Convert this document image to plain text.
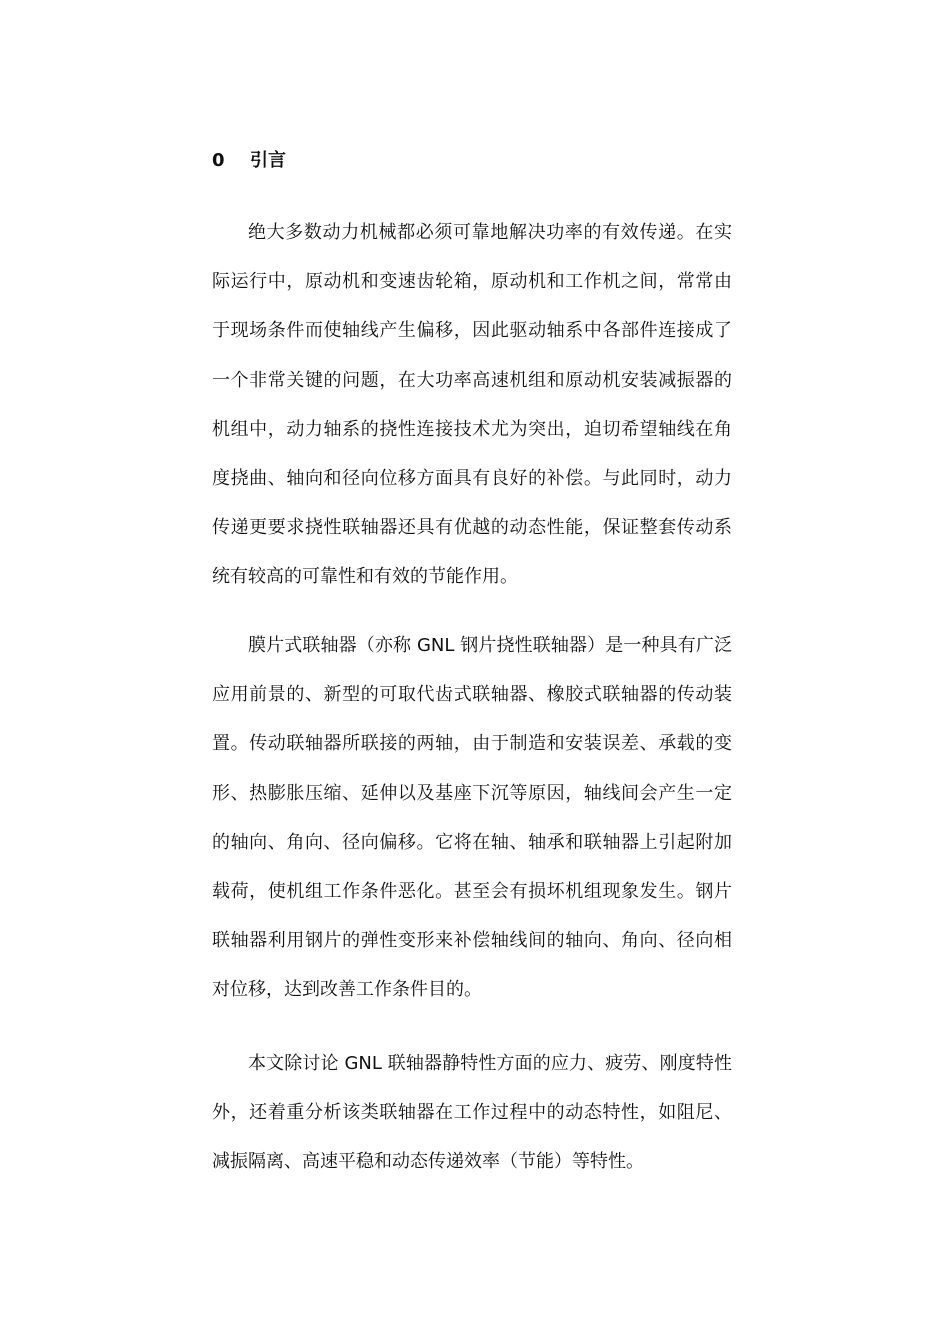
0 引言

绝大多数动力机械都必须可靠地解决功率的有效传递。在实际运行中，原动机和变速齿轮箱，原动机和工作机之间，常常由于现场条件而使轴线产生偏移，因此驱动轴系中各部件连接成了一个非常关键的问题，在大功率高速机组和原动机安装减振器的机组中，动力轴系的挠性连接技术尤为突出，迫切希望轴线在角度挠曲、轴向和径向位移方面具有良好的补偿。与此同时，动力传递更要求挠性联轴器还具有优越的动态性能，保证整套传动系统有较高的可靠性和有效的节能作用。

膜片式联轴器（亦称 GNL 钢片挠性联轴器）是一种具有广泛应用前景的、新型的可取代齿式联轴器、橡胶式联轴器的传动装置。传动联轴器所联接的两轴，由于制造和安装误差、承载的变形、热膨胀压缩、延伸以及基座下沉等原因，轴线间会产生一定的轴向、角向、径向偏移。它将在轴、轴承和联轴器上引起附加载荷，使机组工作条件恶化。甚至会有损坏机组现象发生。钢片联轴器利用钢片的弹性变形来补偿轴线间的轴向、角向、径向相对位移，达到改善工作条件目的。

本文除讨论 GNL 联轴器静特性方面的应力、疲劳、刚度特性外，还着重分析该类联轴器在工作过程中的动态特性，如阻尼、减振隔离、高速平稳和动态传递效率（节能）等特性。
